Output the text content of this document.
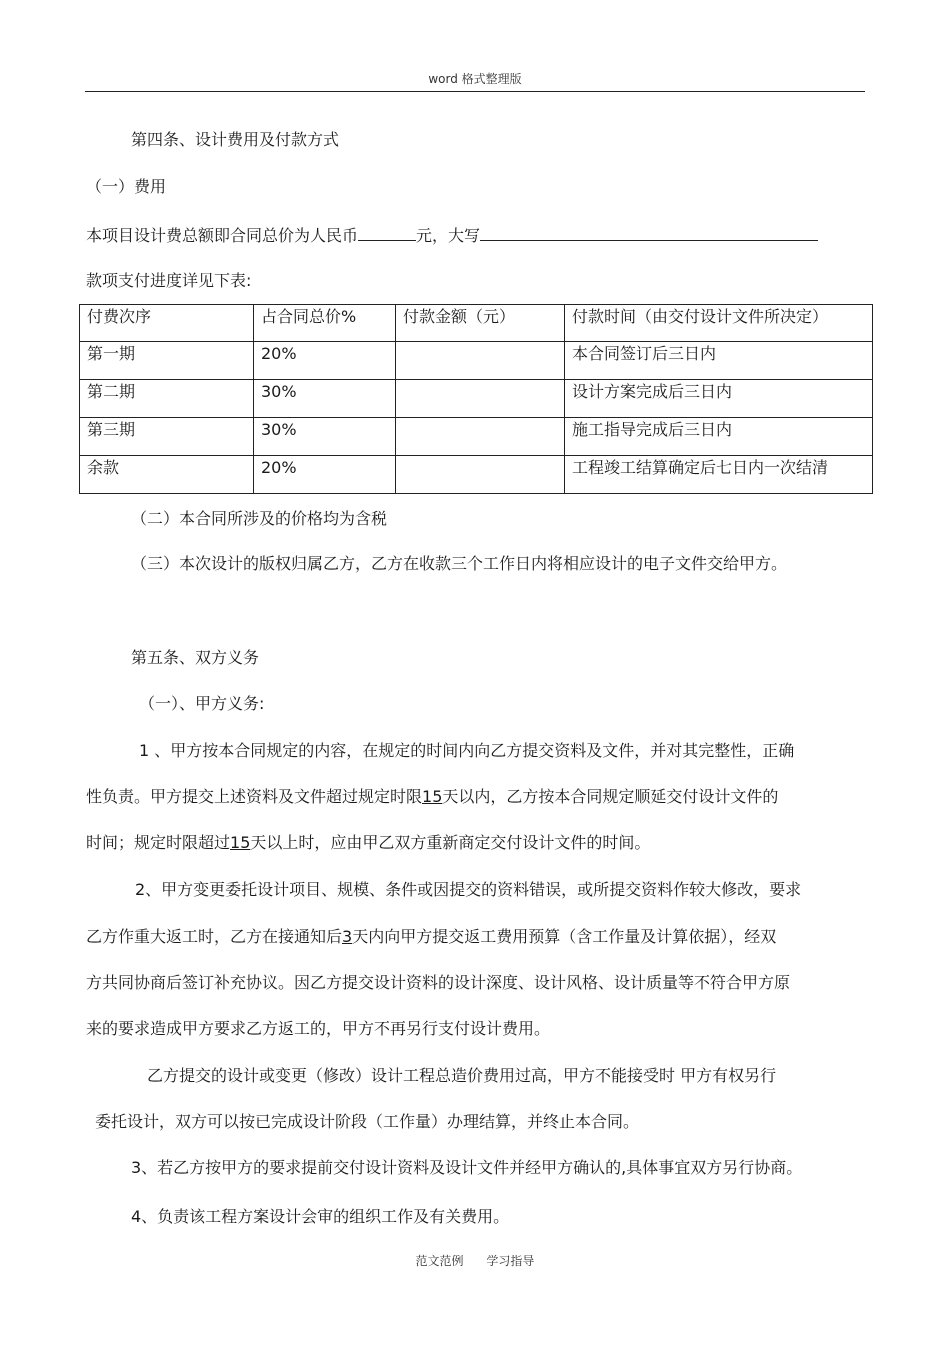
word 格式整理版
第四条、设计费用及付款方式
（一）费用
本项目设计费总额即合同总价为人民币	元，大写
款项支付进度详见下表:
付费次序	占合同总价%	付款金额（元）	付款时间（由交付设计文件所决定）
第一期	20%		本合同签订后三日内
第二期	30%		设计方案完成后三日内
第三期	30%		施工指导完成后三日内
余款	20%		工程竣工结算确定后七日内一次结清
（二）本合同所涉及的价格均为含税
（三）本次设计的版权归属乙方，乙方在收款三个工作日内将相应设计的电子文件交给甲方。
第五条、双方义务
（一）、甲方义务:
1 、甲方按本合同规定的内容，在规定的时间内向乙方提交资料及文件，并对其完整性，正确
性负责。甲方提交上述资料及文件超过规定时限15天以内，乙方按本合同规定顺延交付设计文件的
时间；规定时限超过15天以上时，应由甲乙双方重新商定交付设计文件的时间。
2、甲方变更委托设计项目、规模、条件或因提交的资料错误，或所提交资料作较大修改，要求
乙方作重大返工时，乙方在接通知后3天内向甲方提交返工费用预算（含工作量及计算依据），经双
方共同协商后签订补充协议。因乙方提交设计资料的设计深度、设计风格、设计质量等不符合甲方原
来的要求造成甲方要求乙方返工的，甲方不再另行支付设计费用。
乙方提交的设计或变更（修改）设计工程总造价费用过高，甲方不能接受时 甲方有权另行
委托设计，双方可以按已完成设计阶段（工作量）办理结算，并终止本合同。
3、若乙方按甲方的要求提前交付设计资料及设计文件并经甲方确认的,具体事宜双方另行协商。
4、负责该工程方案设计会审的组织工作及有关费用。
范文范例      学习指导
